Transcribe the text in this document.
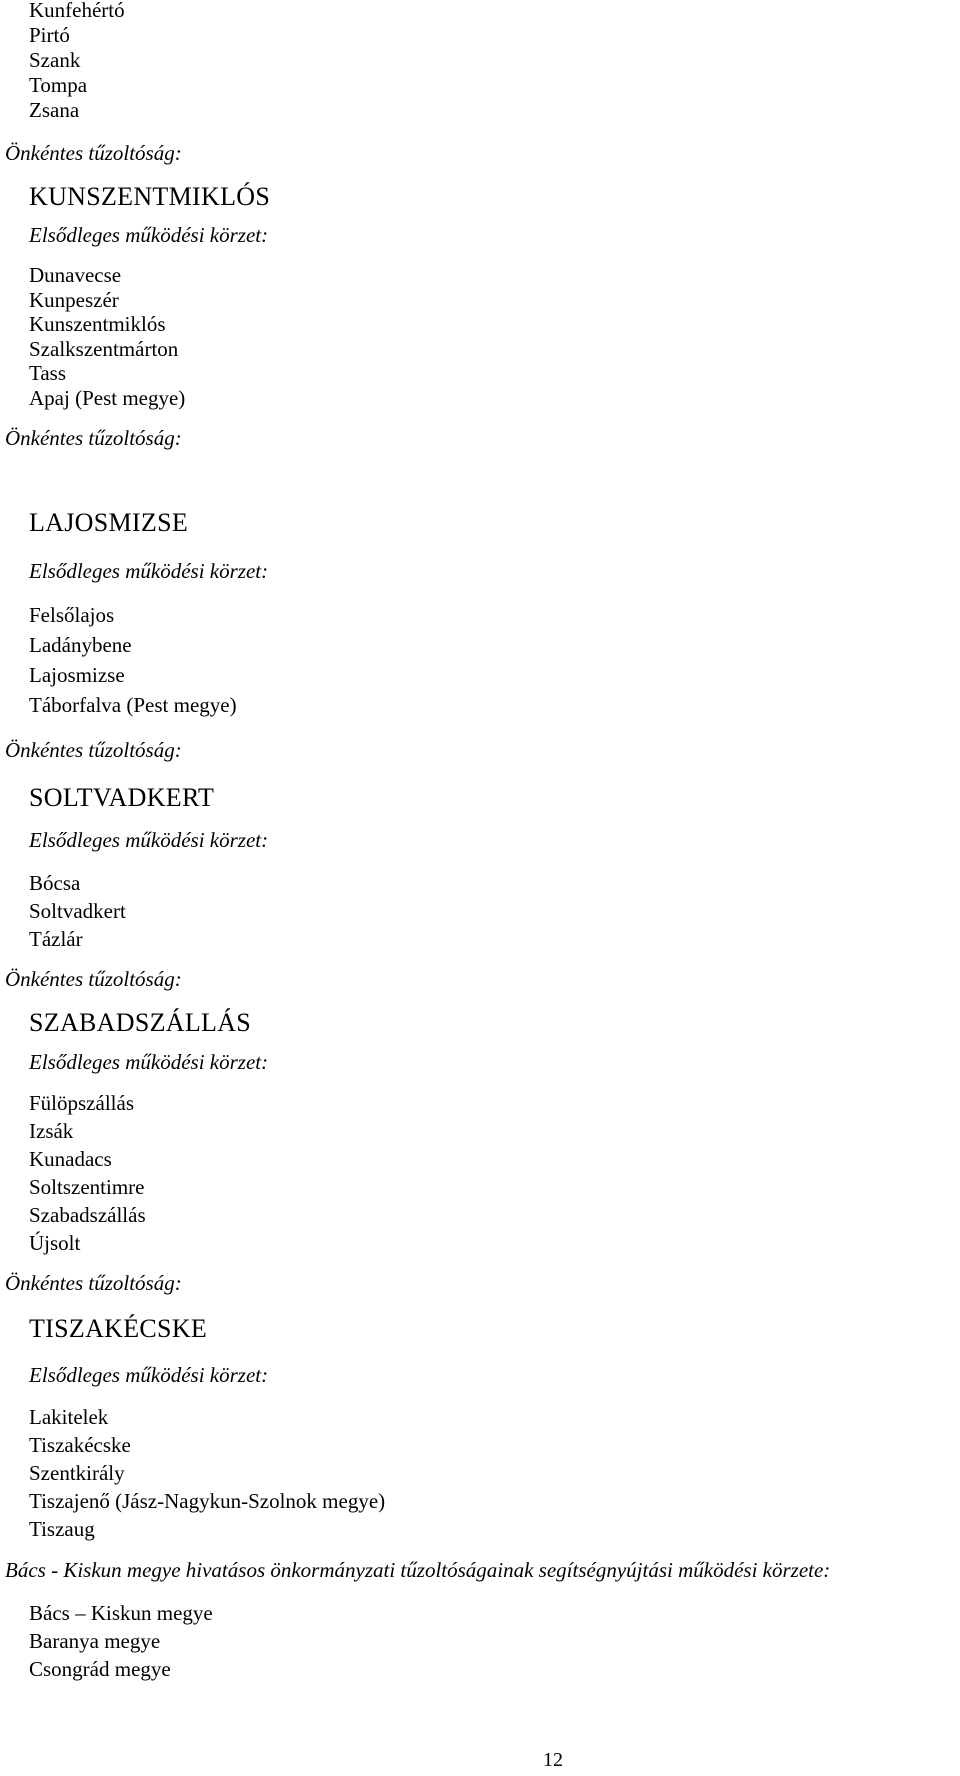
Kunfehértó
Pirtó
Szank
Tompa
Zsana
Önkéntes tűzoltóság:
KUNSZENTMIKLÓS
Elsődleges működési körzet:
Dunavecse
Kunpeszér
Kunszentmiklós
Szalkszentmárton
Tass
Apaj (Pest megye)
Önkéntes tűzoltóság:
LAJOSMIZSE
Elsődleges működési körzet:
Felsőlajos
Ladánybene
Lajosmizse
Táborfalva (Pest megye)
Önkéntes tűzoltóság:
SOLTVADKERT
Elsődleges működési körzet:
Bócsa
Soltvadkert
Tázlár
Önkéntes tűzoltóság:
SZABADSZÁLLÁS
Elsődleges működési körzet:
Fülöpszállás
Izsák
Kunadacs
Soltszentimre
Szabadszállás
Újsolt
Önkéntes tűzoltóság:
TISZAKÉCSKE
Elsődleges működési körzet:
Lakitelek
Tiszakécske
Szentkirály
Tiszajenő (Jász-Nagykun-Szolnok megye)
Tiszaug
Bács - Kiskun megye hivatásos önkormányzati tűzoltóságainak segítségnyújtási működési körzete:
Bács – Kiskun megye
Baranya megye
Csongrád megye
12
